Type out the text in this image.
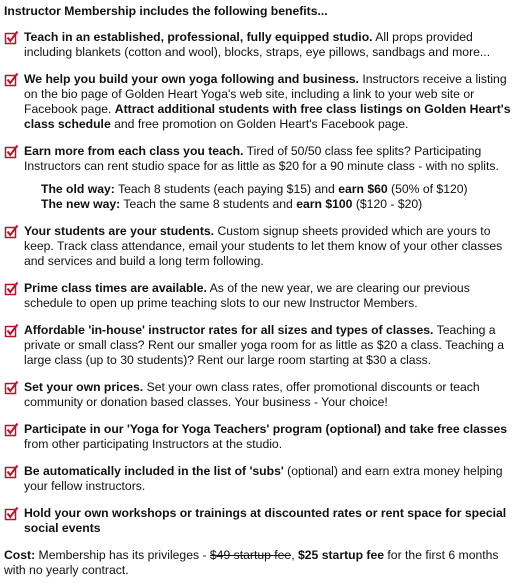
Instructor Membership includes the following benefits...
Teach in an established, professional, fully equipped studio. All props provided including blankets (cotton and wool), blocks, straps, eye pillows, sandbags and more...
We help you build your own yoga following and business. Instructors receive a listing on the bio page of Golden Heart Yoga's web site, including a link to your web site or Facebook page. Attract additional students with free class listings on Golden Heart's class schedule and free promotion on Golden Heart's Facebook page.
Earn more from each class you teach. Tired of 50/50 class fee splits? Participating Instructors can rent studio space for as little as $20 for a 90 minute class - with no splits.
The old way: Teach 8 students (each paying $15) and earn $60 (50% of $120)
The new way: Teach the same 8 students and earn $100 ($120 - $20)
Your students are your students. Custom signup sheets provided which are yours to keep. Track class attendance, email your students to let them know of your other classes and services and build a long term following.
Prime class times are available. As of the new year, we are clearing our previous schedule to open up prime teaching slots to our new Instructor Members.
Affordable 'in-house' instructor rates for all sizes and types of classes. Teaching a private or small class? Rent our smaller yoga room for as little as $20 a class. Teaching a large class (up to 30 students)? Rent our large room starting at $30 a class.
Set your own prices. Set your own class rates, offer promotional discounts or teach community or donation based classes. Your business - Your choice!
Participate in our 'Yoga for Yoga Teachers' program (optional) and take free classes from other participating Instructors at the studio.
Be automatically included in the list of 'subs' (optional) and earn extra money helping your fellow instructors.
Hold your own workshops or trainings at discounted rates or rent space for special social events
Cost: Membership has its privileges - $49 startup fee, $25 startup fee for the first 6 months with no yearly contract.
